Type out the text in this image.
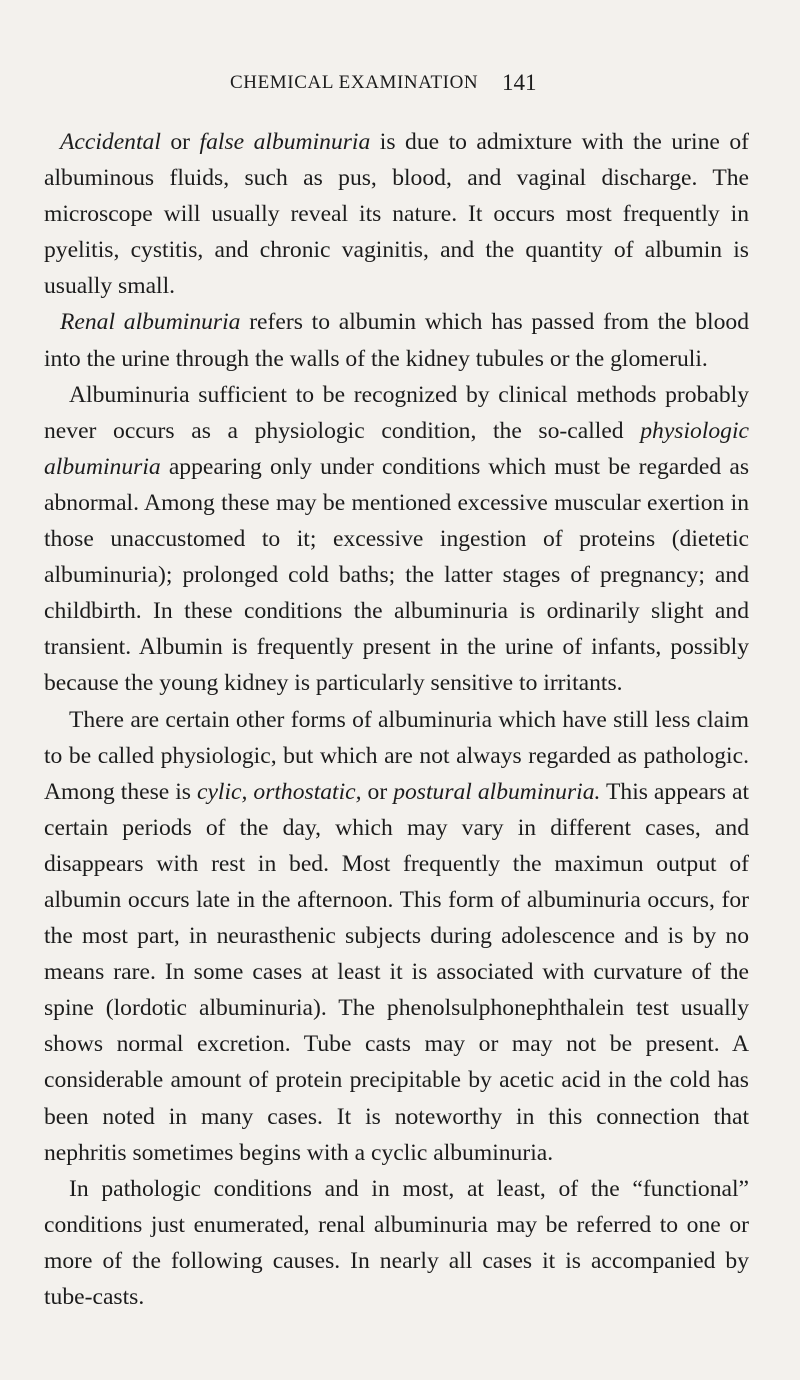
CHEMICAL EXAMINATION 141

Accidental or false albuminuria is due to admixture with the urine of albuminous fluids, such as pus, blood, and vaginal discharge. The microscope will usually reveal its nature. It occurs most frequently in pyelitis, cystitis, and chronic vaginitis, and the quantity of albumin is usually small.

Renal albuminuria refers to albumin which has passed from the blood into the urine through the walls of the kidney tubules or the glomeruli.

Albuminuria sufficient to be recognized by clinical methods probably never occurs as a physiologic condition, the so-called physiologic albuminuria appearing only under conditions which must be regarded as abnormal. Among these may be mentioned excessive muscular exertion in those unaccustomed to it; excessive ingestion of proteins (dietetic albuminuria); prolonged cold baths; the latter stages of pregnancy; and childbirth. In these conditions the albuminuria is ordinarily slight and transient. Albumin is frequently present in the urine of infants, possibly because the young kidney is particularly sensitive to irritants.

There are certain other forms of albuminuria which have still less claim to be called physiologic, but which are not always regarded as pathologic. Among these is cylic, orthostatic, or postural albuminuria. This appears at certain periods of the day, which may vary in different cases, and disappears with rest in bed. Most frequently the maximun output of albumin occurs late in the afternoon. This form of albuminuria occurs, for the most part, in neurasthenic subjects during adolescence and is by no means rare. In some cases at least it is associated with curvature of the spine (lordotic albuminuria). The phenolsulphonephthalein test usually shows normal excretion. Tube casts may or may not be present. A considerable amount of protein precipitable by acetic acid in the cold has been noted in many cases. It is noteworthy in this connection that nephritis sometimes begins with a cyclic albuminuria.

In pathologic conditions and in most, at least, of the “functional” conditions just enumerated, renal albuminuria may be referred to one or more of the following causes. In nearly all cases it is accompanied by tube-casts.
